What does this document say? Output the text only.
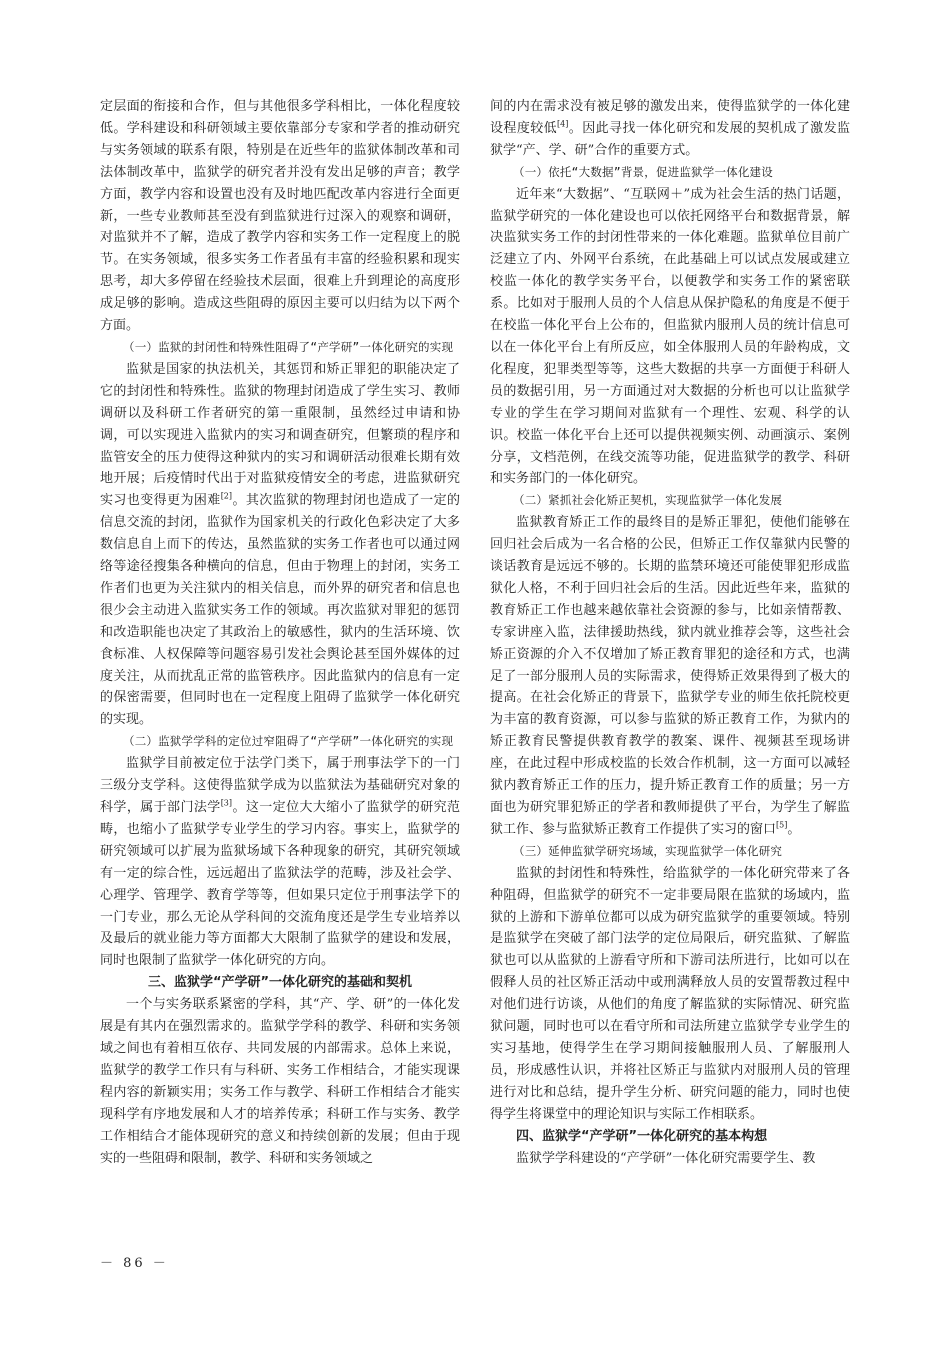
定层面的衔接和合作，但与其他很多学科相比，一体化程度较低。学科建设和科研领域主要依靠部分专家和学者的推动研究与实务领域的联系有限，特别是在近些年的监狱体制改革和司法体制改革中，监狱学的研究者并没有发出足够的声音；教学方面，教学内容和设置也没有及时地匹配改革内容进行全面更新，一些专业教师甚至没有到监狱进行过深入的观察和调研，对监狱并不了解，造成了教学内容和实务工作一定程度上的脱节。在实务领域，很多实务工作者虽有丰富的经验积累和现实思考，却大多停留在经验技术层面，很难上升到理论的高度形成足够的影响。造成这些阻碍的原因主要可以归结为以下两个方面。

（一）监狱的封闭性和特殊性阻碍了“产学研”一体化研究的实现

监狱是国家的执法机关，其惩罚和矫正罪犯的职能决定了它的封闭性和特殊性。监狱的物理封闭造成了学生实习、教师调研以及科研工作者研究的第一重限制，虽然经过申请和协调，可以实现进入监狱内的实习和调查研究，但繁琐的程序和监管安全的压力使得这种狱内的实习和调研活动很难长期有效地开展；后疫情时代出于对监狱疫情安全的考虑，进监狱研究实习也变得更为困难[2]。其次监狱的物理封闭也造成了一定的信息交流的封闭，监狱作为国家机关的行政化色彩决定了大多数信息自上而下的传达，虽然监狱的实务工作者也可以通过网络等途径搜集各种横向的信息，但由于物理上的封闭，实务工作者们也更为关注狱内的相关信息，而外界的研究者和信息也很少会主动进入监狱实务工作的领域。再次监狱对罪犯的惩罚和改造职能也决定了其政治上的敏感性，狱内的生活环境、饮食标准、人权保障等问题容易引发社会舆论甚至国外媒体的过度关注，从而扰乱正常的监管秩序。因此监狱内的信息有一定的保密需要，但同时也在一定程度上阻碍了监狱学一体化研究的实现。

（二）监狱学学科的定位过窄阻碍了“产学研”一体化研究的实现

监狱学目前被定位于法学门类下，属于刑事法学下的一门三级分支学科。这使得监狱学成为以监狱法为基础研究对象的科学，属于部门法学[3]。这一定位大大缩小了监狱学的研究范畴，也缩小了监狱学专业学生的学习内容。事实上，监狱学的研究领域可以扩展为监狱场域下各种现象的研究，其研究领域有一定的综合性，远远超出了监狱法学的范畴，涉及社会学、心理学、管理学、教育学等等，但如果只定位于刑事法学下的一门专业，那么无论从学科间的交流角度还是学生专业培养以及最后的就业能力等方面都大大限制了监狱学的建设和发展，同时也限制了监狱学一体化研究的方向。

三、监狱学“产学研”一体化研究的基础和契机

一个与实务联系紧密的学科，其“产、学、研”的一体化发展是有其内在强烈需求的。监狱学学科的教学、科研和实务领域之间也有着相互依存、共同发展的内部需求。总体上来说，监狱学的教学工作只有与科研、实务工作相结合，才能实现课程内容的新颖实用；实务工作与教学、科研工作相结合才能实现科学有序地发展和人才的培养传承；科研工作与实务、教学工作相结合才能体现研究的意义和持续创新的发展；但由于现实的一些阻碍和限制，教学、科研和实务领域之

间的内在需求没有被足够的激发出来，使得监狱学的一体化建设程度较低[4]。因此寻找一体化研究和发展的契机成了激发监狱学“产、学、研”合作的重要方式。

（一）依托“大数据”背景，促进监狱学一体化建设

近年来“大数据”、“互联网＋”成为社会生活的热门话题，监狱学研究的一体化建设也可以依托网络平台和数据背景，解决监狱实务工作的封闭性带来的一体化难题。监狱单位目前广泛建立了内、外网平台系统，在此基础上可以试点发展或建立校监一体化的教学实务平台，以便教学和实务工作的紧密联系。比如对于服刑人员的个人信息从保护隐私的角度是不便于在校监一体化平台上公布的，但监狱内服刑人员的统计信息可以在一体化平台上有所反应，如全体服刑人员的年龄构成，文化程度，犯罪类型等等，这些大数据的共享一方面便于科研人员的数据引用，另一方面通过对大数据的分析也可以让监狱学专业的学生在学习期间对监狱有一个理性、宏观、科学的认识。校监一体化平台上还可以提供视频实例、动画演示、案例分享，文档范例，在线交流等功能，促进监狱学的教学、科研和实务部门的一体化研究。

（二）紧抓社会化矫正契机，实现监狱学一体化发展

监狱教育矫正工作的最终目的是矫正罪犯，使他们能够在回归社会后成为一名合格的公民，但矫正工作仅靠狱内民警的谈话教育是远远不够的。长期的监禁环境还可能使罪犯形成监狱化人格，不利于回归社会后的生活。因此近些年来，监狱的教育矫正工作也越来越依靠社会资源的参与，比如亲情帮教、专家讲座入监，法律援助热线，狱内就业推荐会等，这些社会矫正资源的介入不仅增加了矫正教育罪犯的途径和方式，也满足了一部分服刑人员的实际需求，使得矫正效果得到了极大的提高。在社会化矫正的背景下，监狱学专业的师生依托院校更为丰富的教育资源，可以参与监狱的矫正教育工作，为狱内的矫正教育民警提供教育教学的教案、课件、视频甚至现场讲座，在此过程中形成校监的长效合作机制，这一方面可以减轻狱内教育矫正工作的压力，提升矫正教育工作的质量；另一方面也为研究罪犯矫正的学者和教师提供了平台，为学生了解监狱工作、参与监狱矫正教育工作提供了实习的窗口[5]。

（三）延伸监狱学研究场域，实现监狱学一体化研究

监狱的封闭性和特殊性，给监狱学的一体化研究带来了各种阻碍，但监狱学的研究不一定非要局限在监狱的场域内，监狱的上游和下游单位都可以成为研究监狱学的重要领域。特别是监狱学在突破了部门法学的定位局限后，研究监狱、了解监狱也可以从监狱的上游看守所和下游司法所进行，比如可以在假释人员的社区矫正活动中或刑满释放人员的安置帮教过程中对他们进行访谈，从他们的角度了解监狱的实际情况、研究监狱问题，同时也可以在看守所和司法所建立监狱学专业学生的实习基地，使得学生在学习期间接触服刑人员、了解服刑人员，形成感性认识，并将社区矫正与监狱内对服刑人员的管理进行对比和总结，提升学生分析、研究问题的能力，同时也使得学生将课堂中的理论知识与实际工作相联系。

四、监狱学“产学研”一体化研究的基本构想

监狱学学科建设的“产学研”一体化研究需要学生、教

－ 86 －
